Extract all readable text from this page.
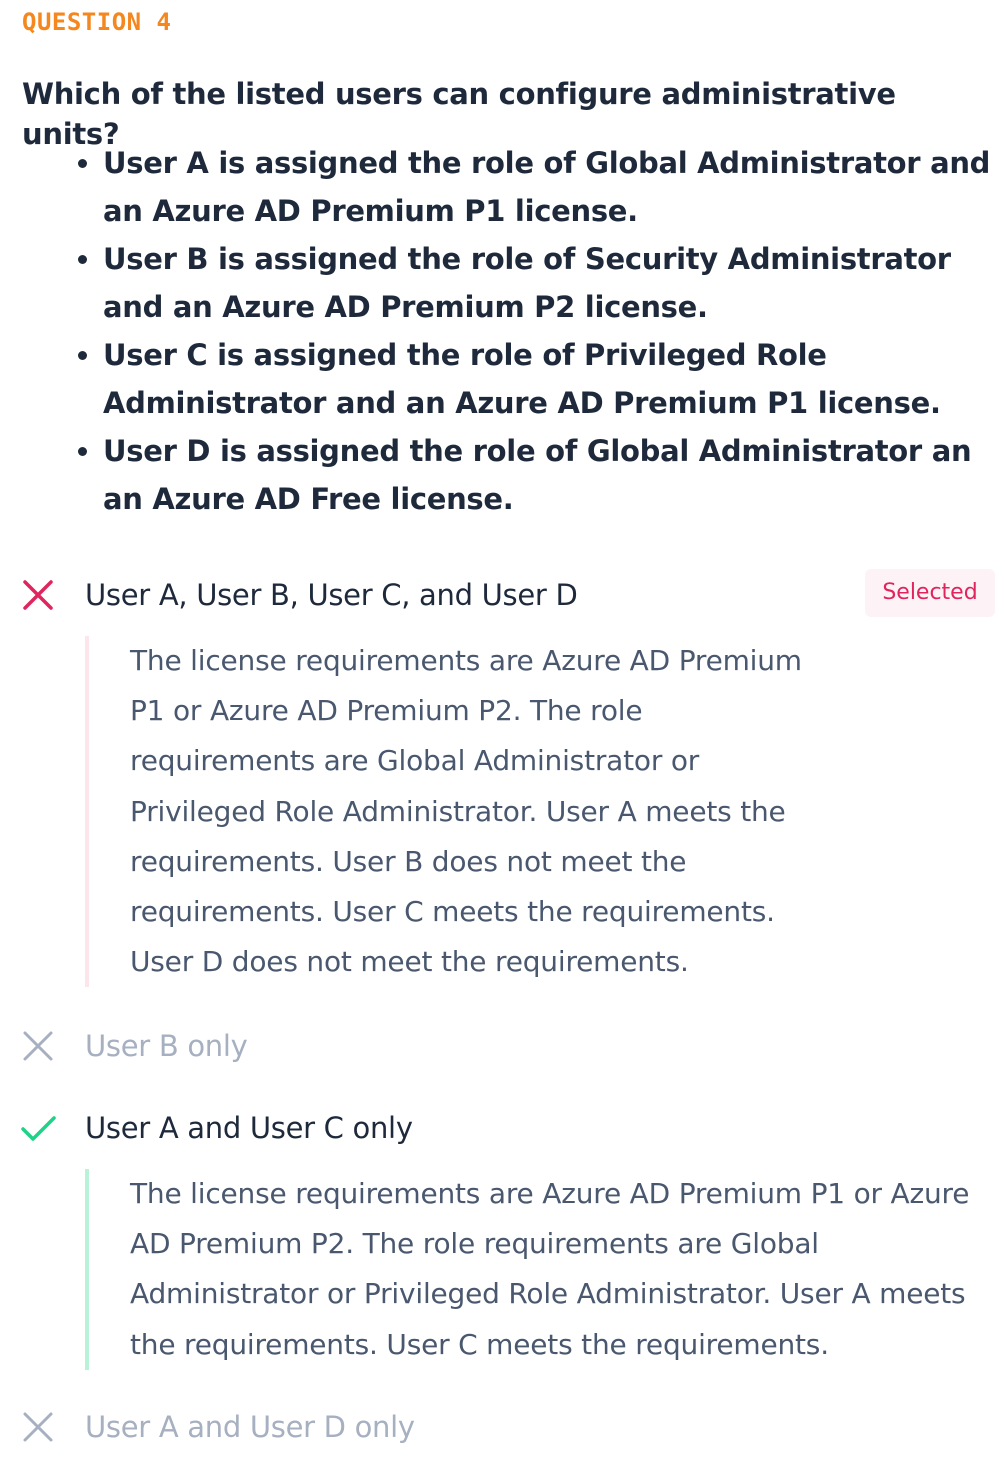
QUESTION 4
Which of the listed users can configure administrative units?
• User A is assigned the role of Global Administrator and an Azure AD Premium P1 license.
• User B is assigned the role of Security Administrator and an Azure AD Premium P2 license.
• User C is assigned the role of Privileged Role Administrator and an Azure AD Premium P1 license.
• User D is assigned the role of Global Administrator an an Azure AD Free license.
User A, User B, User C, and User D	Selected
The license requirements are Azure AD Premium P1 or Azure AD Premium P2. The role requirements are Global Administrator or Privileged Role Administrator. User A meets the requirements. User B does not meet the requirements. User C meets the requirements. User D does not meet the requirements.
User B only
User A and User C only
The license requirements are Azure AD Premium P1 or Azure AD Premium P2. The role requirements are Global Administrator or Privileged Role Administrator. User A meets the requirements. User C meets the requirements.
User A and User D only
